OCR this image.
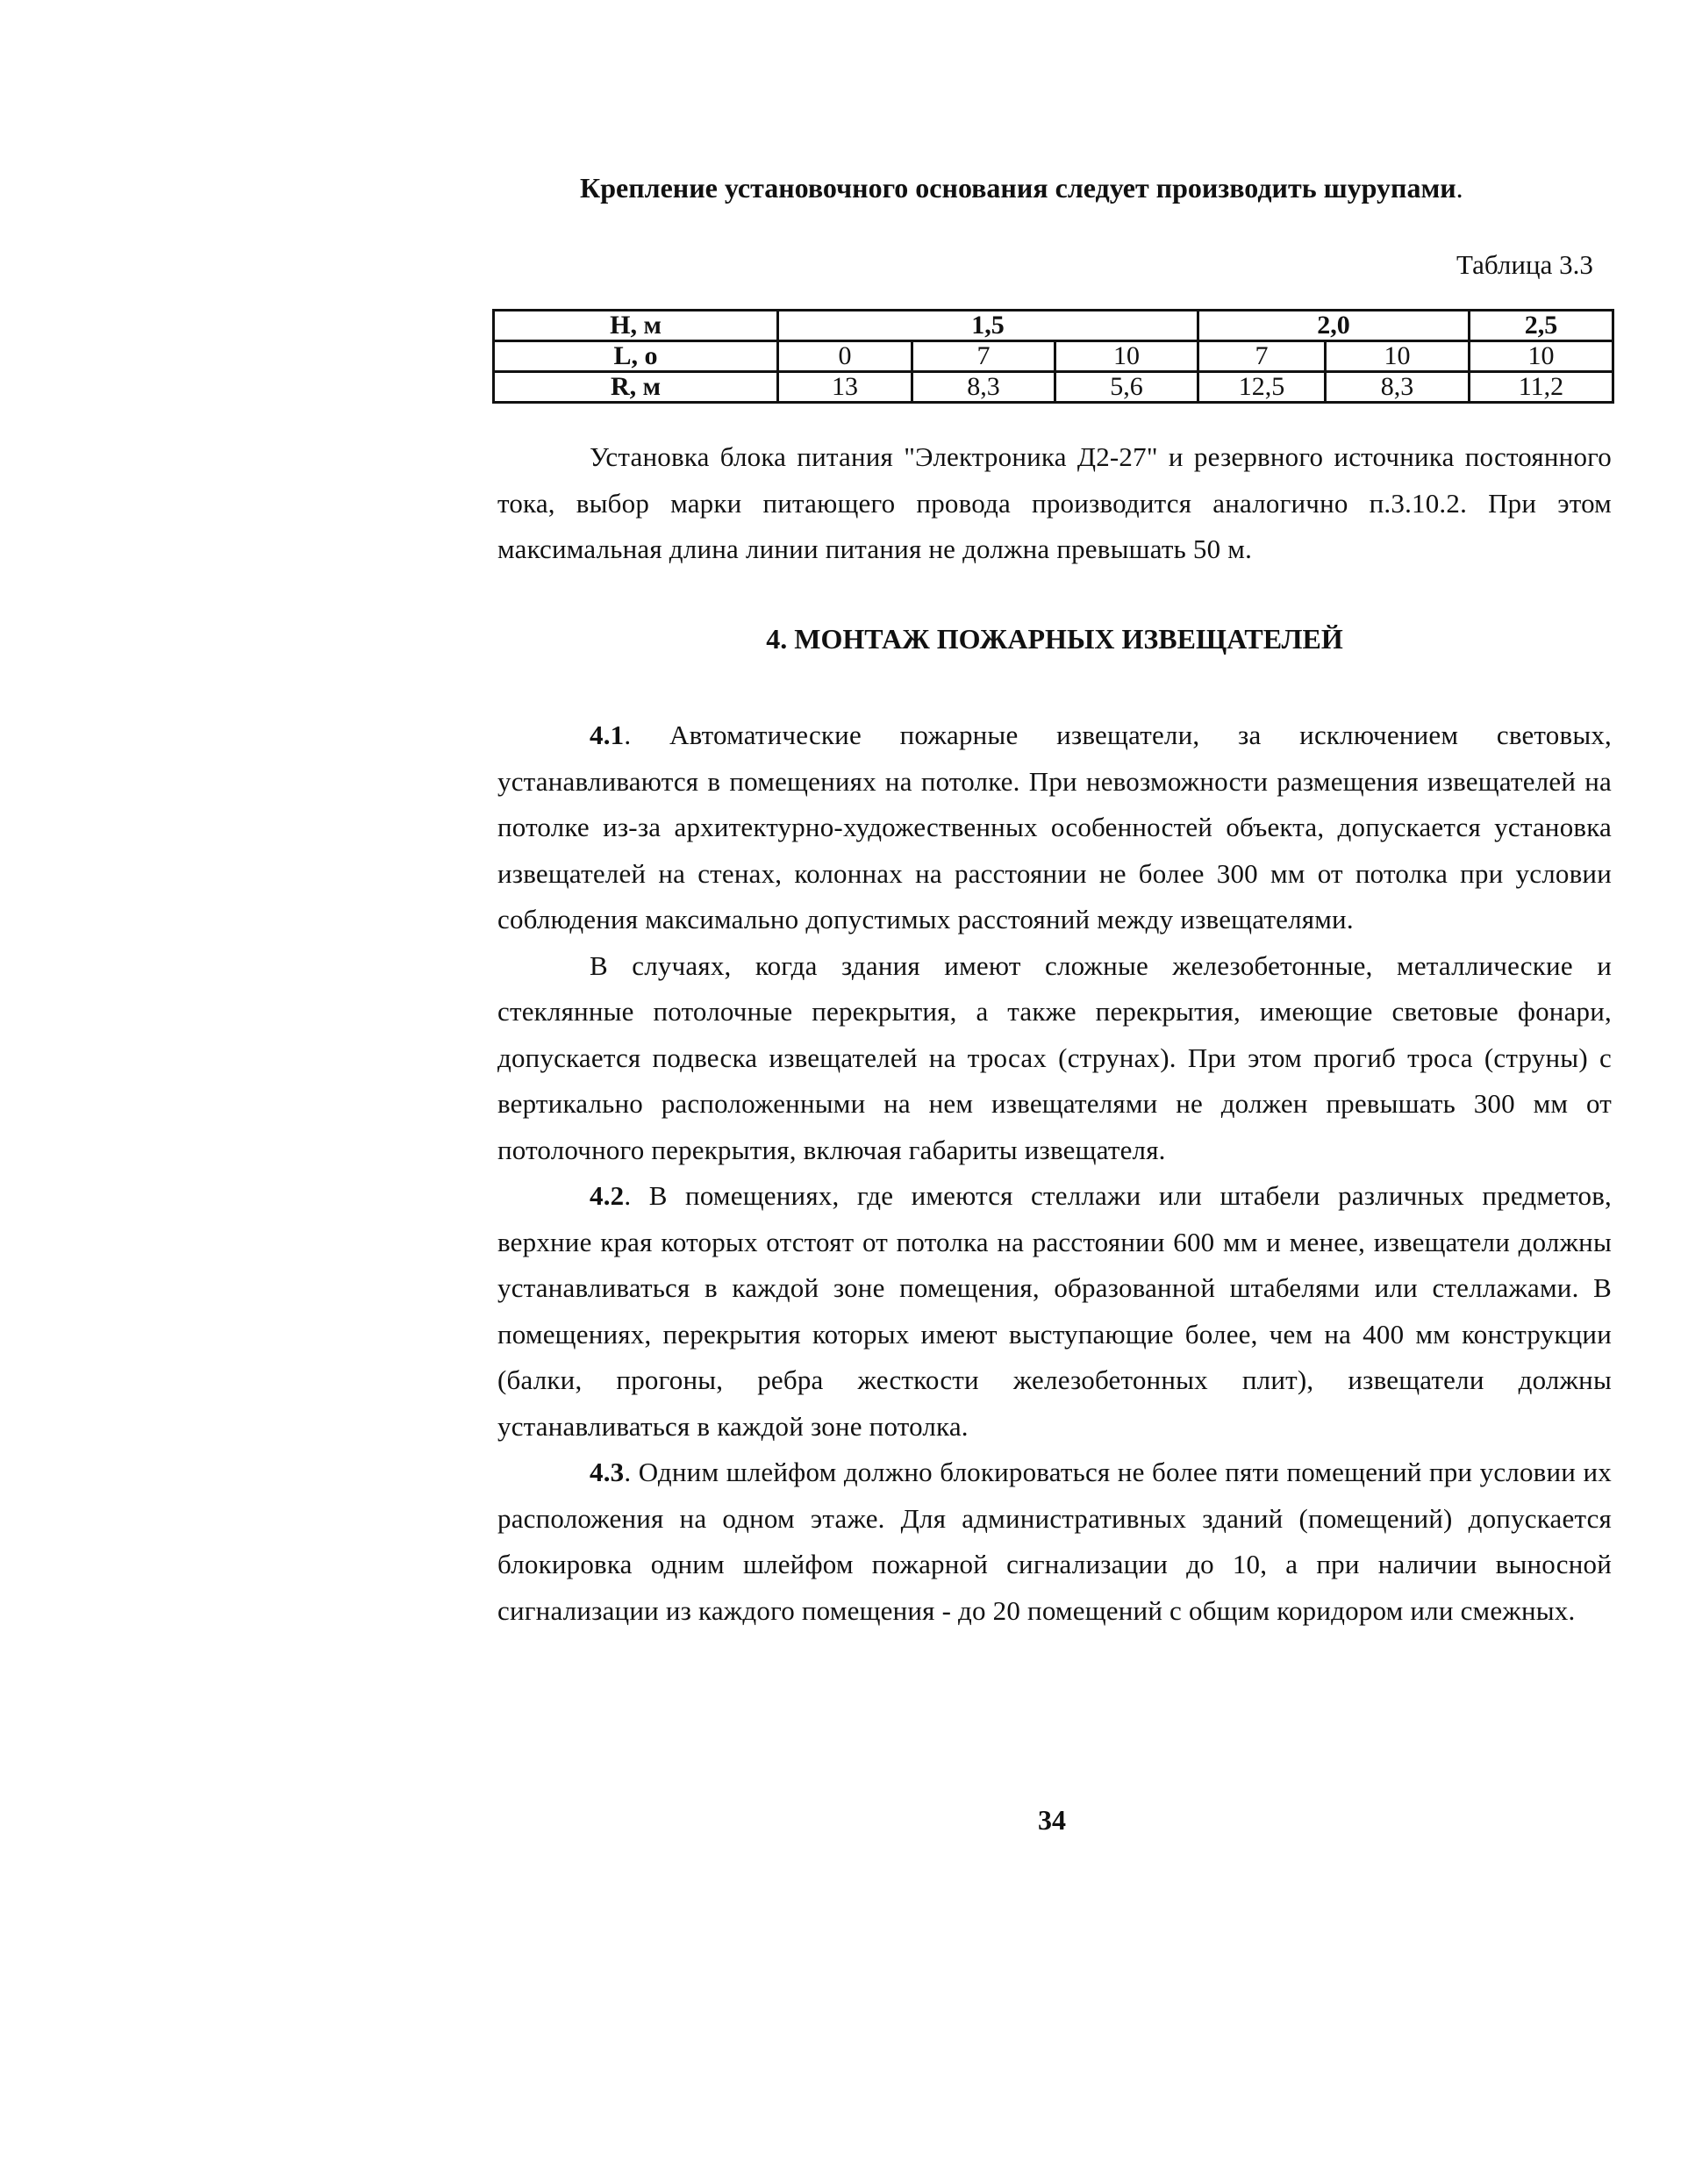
Крепление установочного основания следует производить шурупами.
Таблица 3.3
H, м	1,5			2,0		2,5
L, о	0	7	10	7	10	10
R, м	13	8,3	5,6	12,5	8,3	11,2

Установка блока питания "Электроника Д2-27" и резервного источника постоянного тока, выбор марки питающего провода производится аналогично п.3.10.2. При этом максимальная длина линии питания не должна превышать 50 м.

4. МОНТАЖ ПОЖАРНЫХ ИЗВЕЩАТЕЛЕЙ

4.1. Автоматические пожарные извещатели, за исключением световых, устанавливаются в помещениях на потолке. При невозможности размещения извещателей на потолке из-за архитектурно-художественных особенностей объекта, допускается установка извещателей на стенах, колоннах на расстоянии не более 300 мм от потолка при условии соблюдения максимально допустимых расстояний между извещателями.

В случаях, когда здания имеют сложные железобетонные, металлические и стеклянные потолочные перекрытия, а также перекрытия, имеющие световые фонари, допускается подвеска извещателей на тросах (струнах). При этом прогиб троса (струны) с вертикально расположенными на нем извещателями не должен превышать 300 мм от потолочного перекрытия, включая габариты извещателя.

4.2. В помещениях, где имеются стеллажи или штабели различных предметов, верхние края которых отстоят от потолка на расстоянии 600 мм и менее, извещатели должны устанавливаться в каждой зоне помещения, образованной штабелями или стеллажами. В помещениях, перекрытия которых имеют выступающие более, чем на 400 мм конструкции (балки, прогоны, ребра жесткости железобетонных плит), извещатели должны устанавливаться в каждой зоне потолка.

4.3. Одним шлейфом должно блокироваться не более пяти помещений при условии их расположения на одном этаже. Для административных зданий (помещений) допускается блокировка одним шлейфом пожарной сигнализации до 10, а при наличии выносной сигнализации из каждого помещения - до 20 помещений с общим коридором или смежных.

34
